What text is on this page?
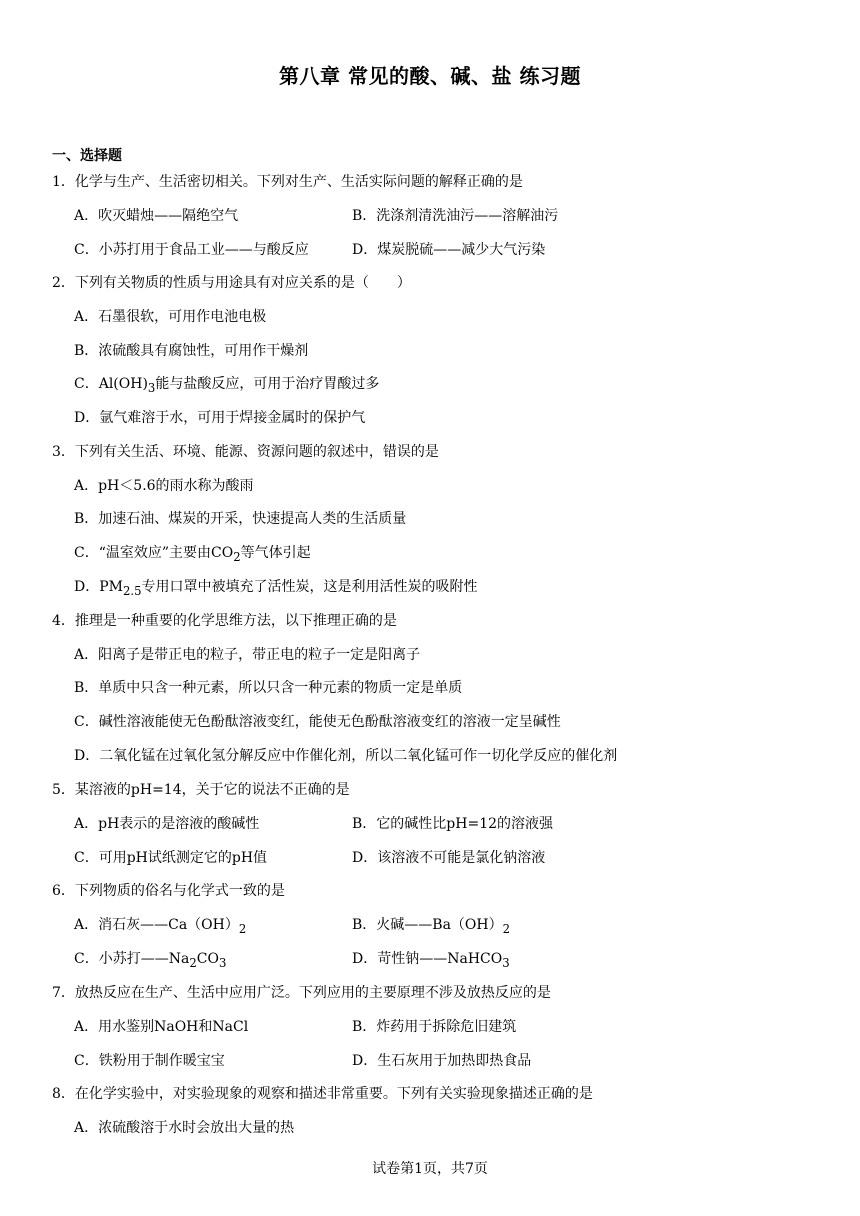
第八章 常见的酸、碱、盐 练习题
一、选择题
1．化学与生产、生活密切相关。下列对生产、生活实际问题的解释正确的是
A．吹灭蜡烛——隔绝空气	B．洗涤剂清洗油污——溶解油污
C．小苏打用于食品工业——与酸反应	D．煤炭脱硫——减少大气污染
2．下列有关物质的性质与用途具有对应关系的是（　　）
A．石墨很软，可用作电池电极
B．浓硫酸具有腐蚀性，可用作干燥剂
C．$Al(OH)_3$能与盐酸反应，可用于治疗胃酸过多
D．氩气难溶于水，可用于焊接金属时的保护气
3．下列有关生活、环境、能源、资源问题的叙述中，错误的是
A．pH＜5.6的雨水称为酸雨
B．加速石油、煤炭的开采，快速提高人类的生活质量
C．“温室效应”主要由$CO_2$等气体引起
D．$PM_{2.5}$专用口罩中被填充了活性炭，这是利用活性炭的吸附性
4．推理是一种重要的化学思维方法，以下推理正确的是
A．阳离子是带正电的粒子，带正电的粒子一定是阳离子
B．单质中只含一种元素，所以只含一种元素的物质一定是单质
C．碱性溶液能使无色酚酞溶液变红，能使无色酚酞溶液变红的溶液一定呈碱性
D．二氧化锰在过氧化氢分解反应中作催化剂，所以二氧化锰可作一切化学反应的催化剂
5．某溶液的pH=14，关于它的说法不正确的是
A．pH表示的是溶液的酸碱性	B．它的碱性比pH=12的溶液强
C．可用pH试纸测定它的pH值	D．该溶液不可能是氯化钠溶液
6．下列物质的俗名与化学式一致的是
A．消石灰$——Ca(OH)_2$	B．火碱$——Ba(OH)_2$
C．小苏打$——Na_2CO_3$	D．苛性钠——NaHCO$_3$
7．放热反应在生产、生活中应用广泛。下列应用的主要原理不涉及放热反应的是
A．用水鉴别NaOH和NaCl	B．炸药用于拆除危旧建筑
C．铁粉用于制作暖宝宝	D．生石灰用于加热即热食品
8．在化学实验中，对实验现象的观察和描述非常重要。下列有关实验现象描述正确的是
A．浓硫酸溶于水时会放出大量的热
试卷第1页，共7页
